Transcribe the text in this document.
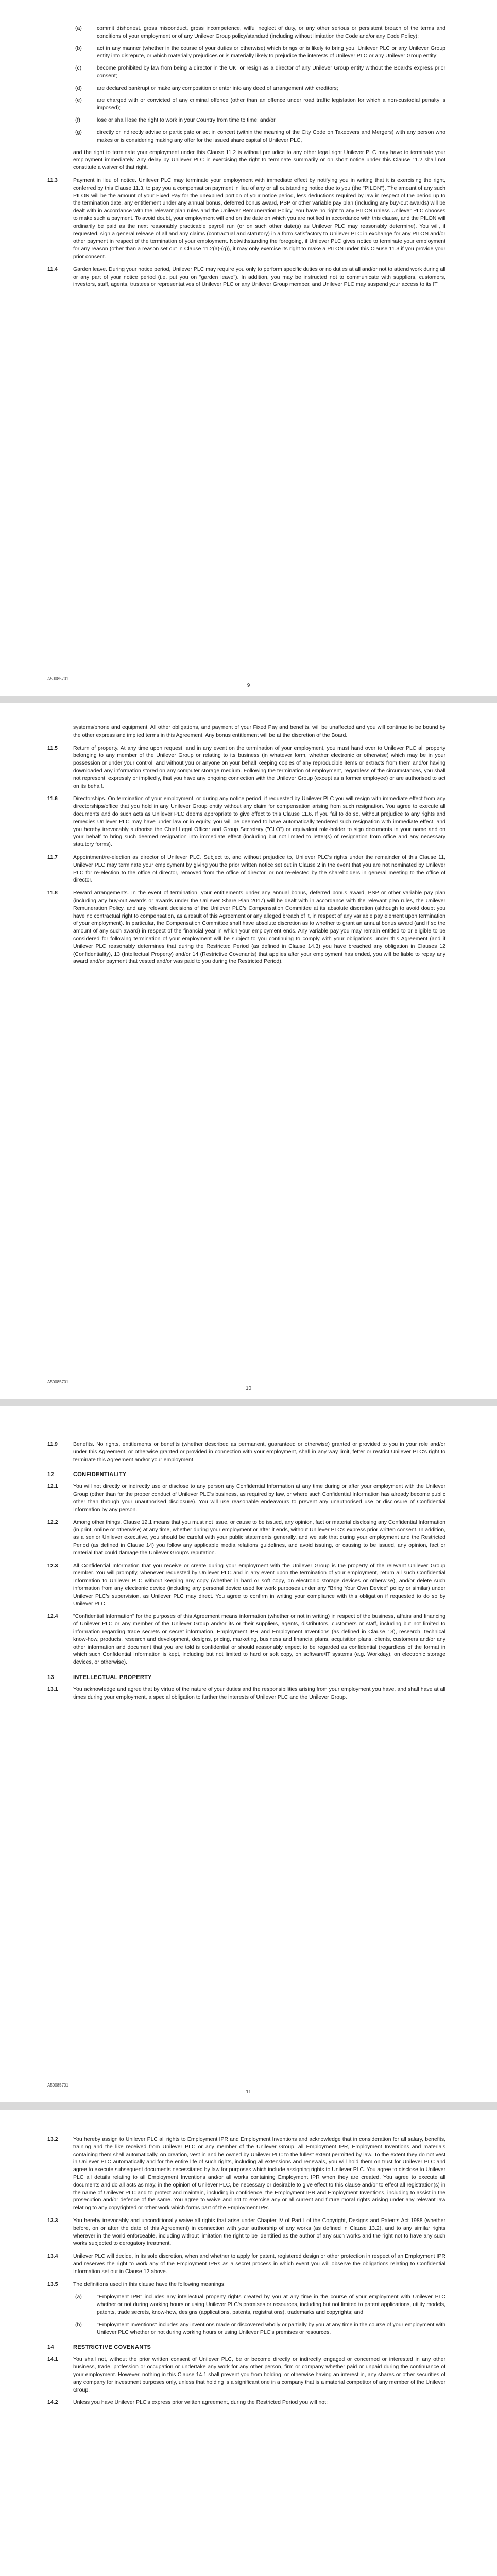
(a)	commit dishonest, gross misconduct, gross incompetence, wilful neglect of duty, or any other serious or persistent breach of the terms and conditions of your employment or of any Unilever Group policy/standard (including without limitation the Code and/or any Code Policy);
(b)	act in any manner (whether in the course of your duties or otherwise) which brings or is likely to bring you, Unilever PLC or any Unilever Group entity into disrepute, or which materially prejudices or is materially likely to prejudice the interests of Unilever PLC or any Unilever Group entity;
(c)	become prohibited by law from being a director in the UK, or resign as a director of any Unilever Group entity without the Board's express prior consent;
(d)	are declared bankrupt or make any composition or enter into any deed of arrangement with creditors;
(e)	are charged with or convicted of any criminal offence (other than an offence under road traffic legislation for which a non-custodial penalty is imposed);
(f)	lose or shall lose the right to work in your Country from time to time; and/or
(g)	directly or indirectly advise or participate or act in concert (within the meaning of the City Code on Takeovers and Mergers) with any person who makes or is considering making any offer for the issued share capital of Unilever PLC,
and the right to terminate your employment under this Clause 11.2 is without prejudice to any other legal right Unilever PLC may have to terminate your employment immediately. Any delay by Unilever PLC in exercising the right to terminate summarily or on short notice under this Clause 11.2 shall not constitute a waiver of that right.
11.3	Payment in lieu of notice. Unilever PLC may terminate your employment with immediate effect by notifying you in writing that it is exercising the right, conferred by this Clause 11.3, to pay you a compensation payment in lieu of any or all outstanding notice due to you (the "PILON"). The amount of any such PILON will be the amount of your Fixed Pay for the unexpired portion of your notice period, less deductions required by law in respect of the period up to the termination date, any entitlement under any annual bonus, deferred bonus award, PSP or other variable pay plan (including any buy-out awards) will be dealt with in accordance with the relevant plan rules and the Unilever Remuneration Policy. You have no right to any PILON unless Unilever PLC chooses to make such a payment. To avoid doubt, your employment will end on the date on which you are notified in accordance with this clause, and the PILON will ordinarily be paid as the next reasonably practicable payroll run (or on such other date(s) as Unilever PLC may reasonably determine). You will, if requested, sign a general release of all and any claims (contractual and statutory) in a form satisfactory to Unilever PLC in exchange for any PILON and/or other payment in respect of the termination of your employment. Notwithstanding the foregoing, if Unilever PLC gives notice to terminate your employment for any reason (other than a reason set out in Clause 11.2(a)-(g)), it may only exercise its right to make a PILON under this Clause 11.3 if you provide your prior consent.
11.4	Garden leave. During your notice period, Unilever PLC may require you only to perform specific duties or no duties at all and/or not to attend work during all or any part of your notice period (i.e. put you on "garden leave"). In addition, you may be instructed not to communicate with suppliers, customers, investors, staff, agents, trustees or representatives of Unilever PLC or any Unilever Group member, and Unilever PLC may suspend your access to its IT
A50085701
9
systems/phone and equipment. All other obligations, and payment of your Fixed Pay and benefits, will be unaffected and you will continue to be bound by the other express and implied terms in this Agreement. Any bonus entitlement will be at the discretion of the Board.
11.5	Return of property. At any time upon request, and in any event on the termination of your employment, you must hand over to Unilever PLC all property belonging to any member of the Unilever Group or relating to its business (in whatever form, whether electronic or otherwise) which may be in your possession or under your control, and without you or anyone on your behalf keeping copies of any reproducible items or extracts from them and/or having downloaded any information stored on any computer storage medium. Following the termination of employment, regardless of the circumstances, you shall not represent, expressly or impliedly, that you have any ongoing connection with the Unilever Group (except as a former employee) or are authorised to act on its behalf.
11.6	Directorships. On termination of your employment, or during any notice period, if requested by Unilever PLC you will resign with immediate effect from any directorships/office that you hold in any Unilever Group entity without any claim for compensation arising from such resignation. You agree to execute all documents and do such acts as Unilever PLC deems appropriate to give effect to this Clause 11.6. If you fail to do so, without prejudice to any rights and remedies Unilever PLC may have under law or in equity, you will be deemed to have automatically tendered such resignation with immediate effect, and you hereby irrevocably authorise the Chief Legal Officer and Group Secretary ("CLO") or equivalent role-holder to sign documents in your name and on your behalf to bring such deemed resignation into immediate effect (including but not limited to letter(s) of resignation from office and any necessary statutory forms).
11.7	Appointment/re-election as director of Unilever PLC. Subject to, and without prejudice to, Unilever PLC's rights under the remainder of this Clause 11, Unilever PLC may terminate your employment by giving you the prior written notice set out in Clause 2 in the event that you are not nominated by Unilever PLC for re-election to the office of director, removed from the office of director, or not re-elected by the shareholders in general meeting to the office of director.
11.8	Reward arrangements. In the event of termination, your entitlements under any annual bonus, deferred bonus award, PSP or other variable pay plan (including any buy-out awards or awards under the Unilever Share Plan 2017) will be dealt with in accordance with the relevant plan rules, the Unilever Remuneration Policy, and any relevant decisions of the Unilever PLC's Compensation Committee at its absolute discretion (although to avoid doubt you have no contractual right to compensation, as a result of this Agreement or any alleged breach of it, in respect of any variable pay element upon termination of your employment). In particular, the Compensation Committee shall have absolute discretion as to whether to grant an annual bonus award (and if so the amount of any such award) in respect of the financial year in which your employment ends. Any variable pay you may remain entitled to or eligible to be considered for following termination of your employment will be subject to you continuing to comply with your obligations under this Agreement (and if Unilever PLC reasonably determines that during the Restricted Period (as defined in Clause 14.3) you have breached any obligation in Clauses 12 (Confidentiality), 13 (Intellectual Property) and/or 14 (Restrictive Covenants) that applies after your employment has ended, you will be liable to repay any award and/or payment that vested and/or was paid to you during the Restricted Period).
A50085701
10
11.9	Benefits. No rights, entitlements or benefits (whether described as permanent, guaranteed or otherwise) granted or provided to you in your role and/or under this Agreement, or otherwise granted or provided in connection with your employment, shall in any way limit, fetter or restrict Unilever PLC's right to terminate this Agreement and/or your employment.
12	CONFIDENTIALITY
12.1	You will not directly or indirectly use or disclose to any person any Confidential Information at any time during or after your employment with the Unilever Group (other than for the proper conduct of Unilever PLC's business, as required by law, or where such Confidential Information has already become public other than through your unauthorised disclosure). You will use reasonable endeavours to prevent any unauthorised use or disclosure of Confidential Information by any person.
12.2	Among other things, Clause 12.1 means that you must not issue, or cause to be issued, any opinion, fact or material disclosing any Confidential Information (in print, online or otherwise) at any time, whether during your employment or after it ends, without Unilever PLC's express prior written consent. In addition, as a senior Unilever executive, you should be careful with your public statements generally, and we ask that during your employment and the Restricted Period (as defined in Clause 14) you follow any applicable media relations guidelines, and avoid issuing, or causing to be issued, any opinion, fact or material that could damage the Unilever Group's reputation.
12.3	All Confidential Information that you receive or create during your employment with the Unilever Group is the property of the relevant Unilever Group member. You will promptly, whenever requested by Unilever PLC and in any event upon the termination of your employment, return all such Confidential Information to Unilever PLC without keeping any copy (whether in hard or soft copy, on electronic storage devices or otherwise), and/or delete such information from any electronic device (including any personal device used for work purposes under any "Bring Your Own Device" policy or similar) under Unilever PLC's supervision, as Unilever PLC may direct. You agree to confirm in writing your compliance with this obligation if requested to do so by Unilever PLC.
12.4	"Confidential Information" for the purposes of this Agreement means information (whether or not in writing) in respect of the business, affairs and financing of Unilever PLC or any member of the Unilever Group and/or its or their suppliers, agents, distributors, customers or staff, including but not limited to information regarding trade secrets or secret information, Employment IPR and Employment Inventions (as defined in Clause 13), research, technical know-how, products, research and development, designs, pricing, marketing, business and financial plans, acquisition plans, clients, customers and/or any other information and document that you are told is confidential or should reasonably expect to be regarded as confidential (regardless of the format in which such Confidential Information is kept, including but not limited to hard or soft copy, on software/IT systems (e.g. Workday), on electronic storage devices, or otherwise).
13	INTELLECTUAL PROPERTY
13.1	You acknowledge and agree that by virtue of the nature of your duties and the responsibilities arising from your employment you have, and shall have at all times during your employment, a special obligation to further the interests of Unilever PLC and the Unilever Group.
A50085701
11
13.2	You hereby assign to Unilever PLC all rights to Employment IPR and Employment Inventions and acknowledge that in consideration for all salary, benefits, training and the like received from Unilever PLC or any member of the Unilever Group, all Employment IPR, Employment Inventions and materials containing them shall automatically, on creation, vest in and be owned by Unilever PLC to the fullest extent permitted by law. To the extent they do not vest in Unilever PLC automatically and for the entire life of such rights, including all extensions and renewals, you will hold them on trust for Unilever PLC and agree to execute subsequent documents necessitated by law for purposes which include assigning rights to Unilever PLC. You agree to disclose to Unilever PLC all details relating to all Employment Inventions and/or all works containing Employment IPR when they are created. You agree to execute all documents and do all acts as may, in the opinion of Unilever PLC, be necessary or desirable to give effect to this clause and/or to effect all registration(s) in the name of Unilever PLC and to protect and maintain, including in confidence, the Employment IPR and Employment Inventions, including to assist in the prosecution and/or defence of the same. You agree to waive and not to exercise any or all current and future moral rights arising under any relevant law relating to any copyrighted or other work which forms part of the Employment IPR.
13.3	You hereby irrevocably and unconditionally waive all rights that arise under Chapter IV of Part I of the Copyright, Designs and Patents Act 1988 (whether before, on or after the date of this Agreement) in connection with your authorship of any works (as defined in Clause 13.2), and to any similar rights wherever in the world enforceable, including without limitation the right to be identified as the author of any such works and the right not to have any such works subjected to derogatory treatment.
13.4	Unilever PLC will decide, in its sole discretion, when and whether to apply for patent, registered design or other protection in respect of an Employment IPR and reserves the right to work any of the Employment IPRs as a secret process in which event you will observe the obligations relating to Confidential Information set out in Clause 12 above.
13.5	The definitions used in this clause have the following meanings:
(a)	"Employment IPR" includes any intellectual property rights created by you at any time in the course of your employment with Unilever PLC whether or not during working hours or using Unilever PLC's premises or resources, including but not limited to patent applications, utility models, patents, trade secrets, know-how, designs (applications, patents, registrations), trademarks and copyrights; and
(b)	"Employment Inventions" includes any inventions made or discovered wholly or partially by you at any time in the course of your employment with Unilever PLC whether or not during working hours or using Unilever PLC's premises or resources.
14	RESTRICTIVE COVENANTS
14.1	You shall not, without the prior written consent of Unilever PLC, be or become directly or indirectly engaged or concerned or interested in any other business, trade, profession or occupation or undertake any work for any other person, firm or company whether paid or unpaid during the continuance of your employment. However, nothing in this Clause 14.1 shall prevent you from holding, or otherwise having an interest in, any shares or other securities of any company for investment purposes only, unless that holding is a significant one in a company that is a material competitor of any member of the Unilever Group.
14.2	Unless you have Unilever PLC's express prior written agreement, during the Restricted Period you will not:
